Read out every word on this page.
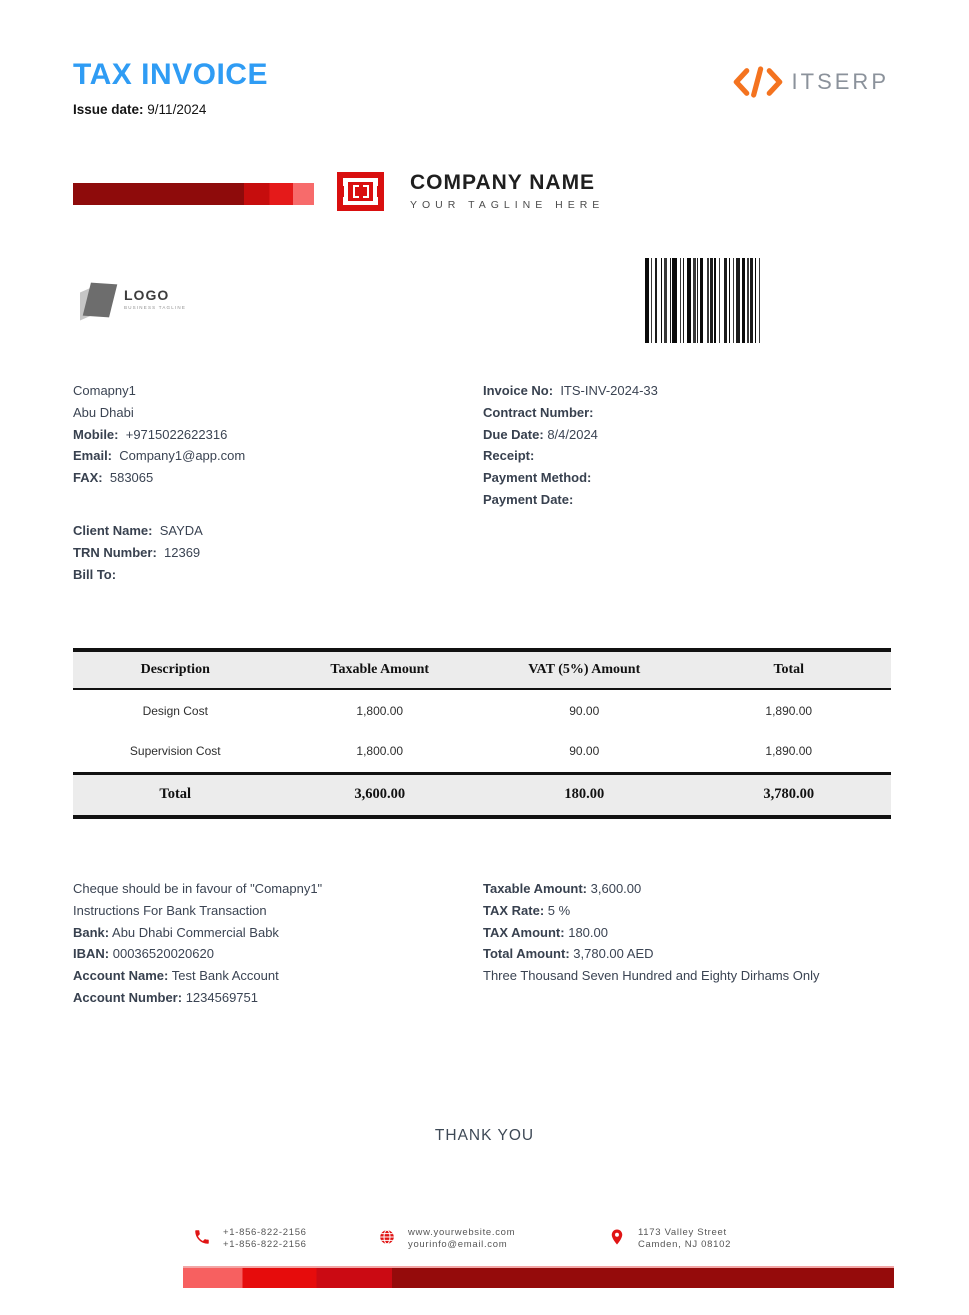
TAX INVOICE	ITSERP
Issue date: 9/11/2024
COMPANY NAME
YOUR TAGLINE HERE
LOGO
BUSINESS TAGLINE
Comapny1
Abu Dhabi
Mobile: +9715022622316
Email: Company1@app.com
FAX: 583065
Invoice No: ITS-INV-2024-33
Contract Number:
Due Date: 8/4/2024
Receipt:
Payment Method:
Payment Date:
Client Name: SAYDA
TRN Number: 12369
Bill To:
Description	Taxable Amount	VAT (5%) Amount	Total
Design Cost	1,800.00	90.00	1,890.00
Supervision Cost	1,800.00	90.00	1,890.00
Total	3,600.00	180.00	3,780.00
Cheque should be in favour of "Comapny1"
Instructions For Bank Transaction
Bank: Abu Dhabi Commercial Babk
IBAN: 00036520020620
Account Name: Test Bank Account
Account Number: 1234569751
Taxable Amount: 3,600.00
TAX Rate: 5 %
TAX Amount: 180.00
Total Amount: 3,780.00 AED
Three Thousand Seven Hundred and Eighty Dirhams Only
THANK YOU
+1-856-822-2156
+1-856-822-2156
www.yourwebsite.com
yourinfo@email.com
1173 Valley Street
Camden, NJ 08102
